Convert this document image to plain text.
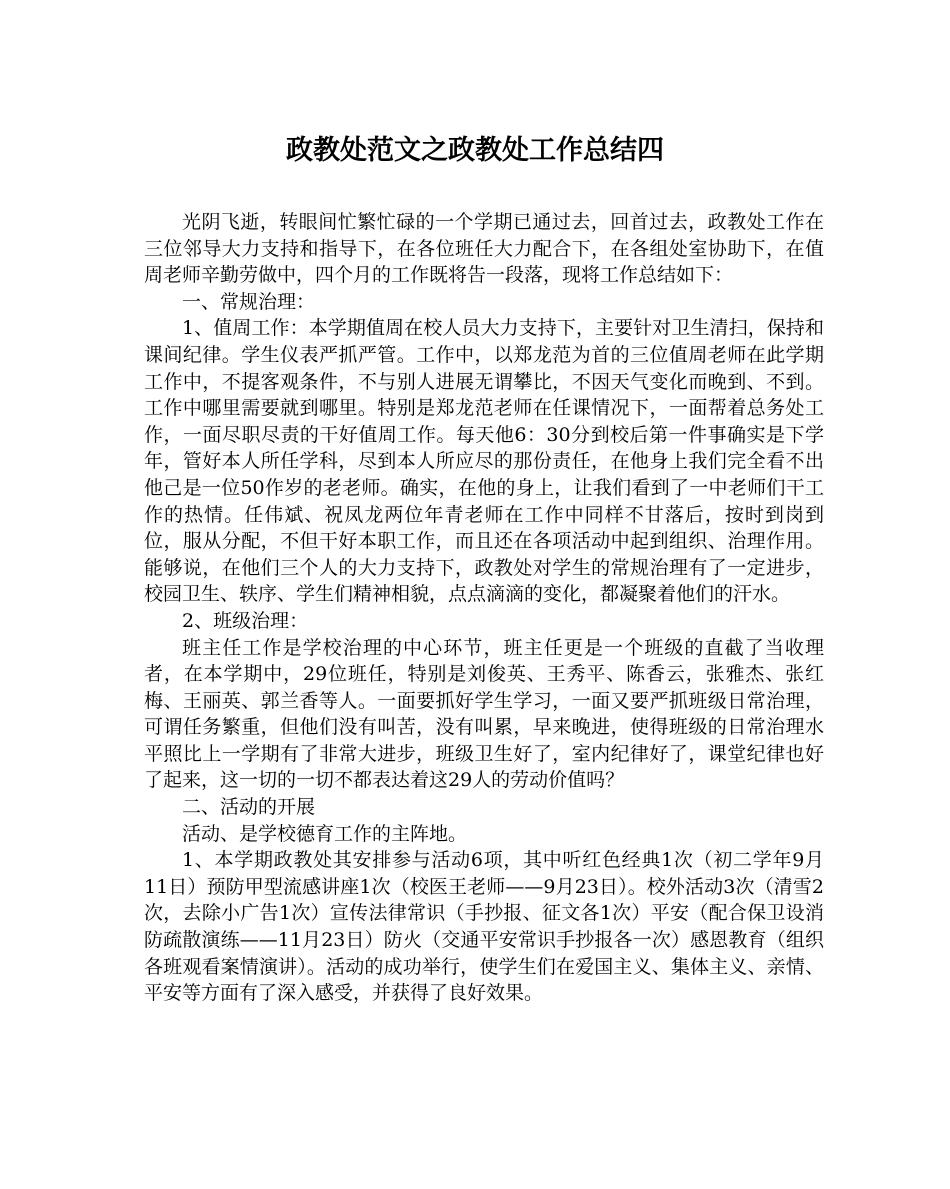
政教处范文之政教处工作总结四

光阴飞逝，转眼间忙繁忙碌的一个学期已通过去，回首过去，政教处工作在三位邻导大力支持和指导下，在各位班任大力配合下，在各组处室协助下，在值周老师辛勤劳做中，四个月的工作既将告一段落，现将工作总结如下：

一、常规治理：

1、值周工作：本学期值周在校人员大力支持下，主要针对卫生清扫，保持和课间纪律。学生仪表严抓严管。工作中，以郑龙范为首的三位值周老师在此学期工作中，不提客观条件，不与别人进展无谓攀比，不因天气变化而晚到、不到。工作中哪里需要就到哪里。特别是郑龙范老师在任课情况下，一面帮着总务处工作，一面尽职尽责的干好值周工作。每天他6：30分到校后第一件事确实是下学年，管好本人所任学科，尽到本人所应尽的那份责任，在他身上我们完全看不出他己是一位50作岁的老老师。确实，在他的身上，让我们看到了一中老师们干工作的热情。任伟斌、祝凤龙两位年青老师在工作中同样不甘落后，按时到岗到位，服从分配，不但干好本职工作，而且还在各项活动中起到组织、治理作用。能够说，在他们三个人的大力支持下，政教处对学生的常规治理有了一定进步，校园卫生、轶序、学生们精神相貌，点点滴滴的变化，都凝聚着他们的汗水。

2、班级治理：

班主任工作是学校治理的中心环节，班主任更是一个班级的直截了当收理者，在本学期中，29位班任，特别是刘俊英、王秀平、陈香云，张雅杰、张红梅、王丽英、郭兰香等人。一面要抓好学生学习，一面又要严抓班级日常治理，可谓任务繁重，但他们没有叫苦，没有叫累，早来晚进，使得班级的日常治理水平照比上一学期有了非常大进步，班级卫生好了，室内纪律好了，课堂纪律也好了起来，这一切的一切不都表达着这29人的劳动价值吗？

二、活动的开展

活动、是学校德育工作的主阵地。

1、本学期政教处其安排参与活动6项，其中听红色经典1次（初二学年9月11日）预防甲型流感讲座1次（校医王老师——9月23日）。校外活动3次（清雪2次，去除小广告1次）宣传法律常识（手抄报、征文各1次）平安（配合保卫设消防疏散演练——11月23日）防火（交通平安常识手抄报各一次）感恩教育（组织各班观看案情演讲）。活动的成功举行，使学生们在爱国主义、集体主义、亲情、平安等方面有了深入感受，并获得了良好效果。
